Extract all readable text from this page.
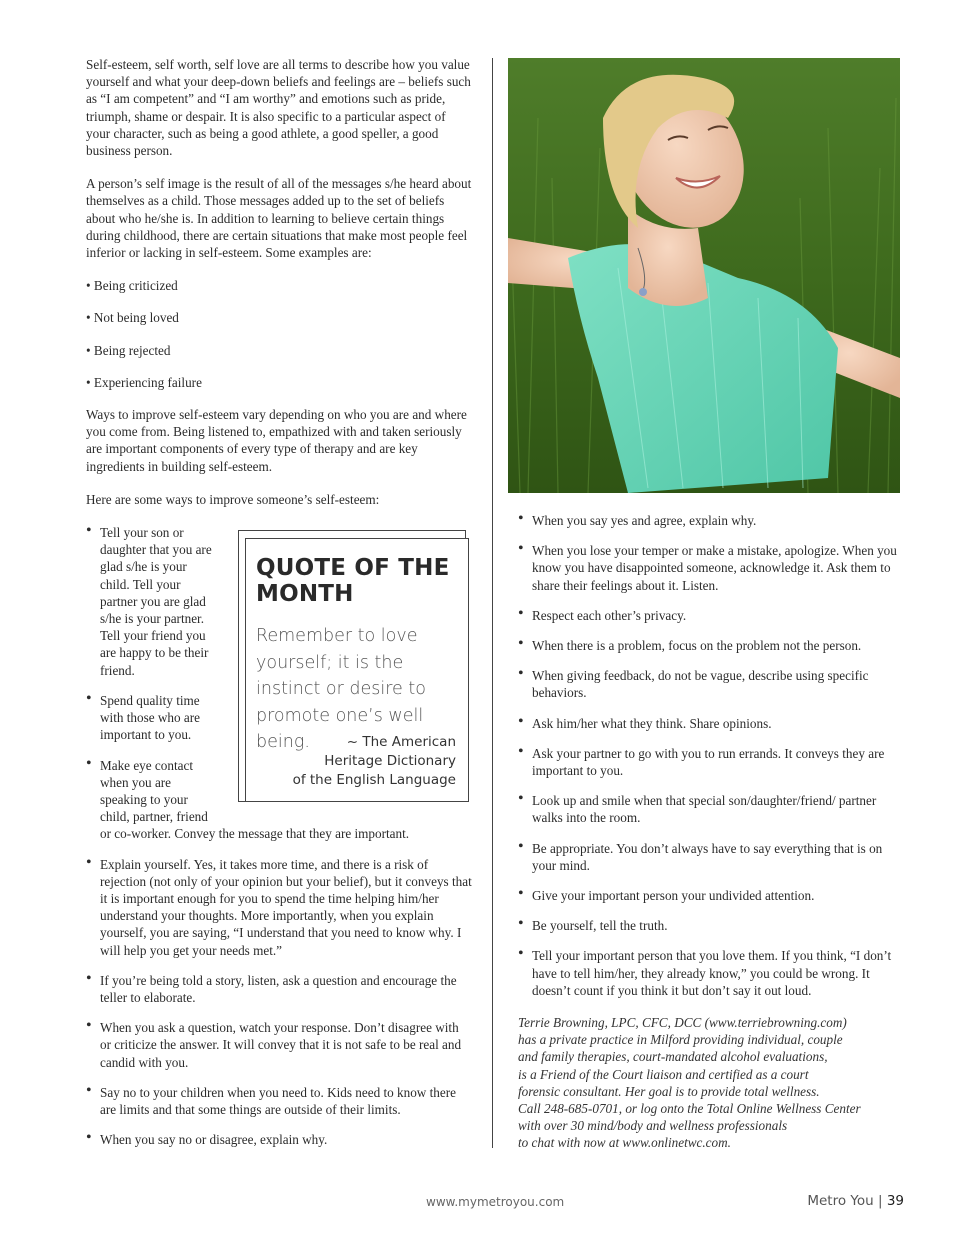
Self-esteem, self worth, self love are all terms to describe how you value yourself and what your deep-down beliefs and feelings are – beliefs such as “I am competent” and “I am worthy” and emotions such as pride, triumph, shame or despair. It is also specific to a particular aspect of your character, such as being a good athlete, a good speller, a good business person.

A person’s self image is the result of all of the messages s/he heard about themselves as a child. Those messages added up to the set of beliefs about who he/she is. In addition to learning to believe certain things during childhood, there are certain situations that make most people feel inferior or lacking in self-esteem. Some examples are:

• Being criticized
• Not being loved
• Being rejected
• Experiencing failure

Ways to improve self-esteem vary depending on who you are and where you come from. Being listened to, empathized with and taken seriously are important components of every type of therapy and are key ingredients in building self-esteem.

Here are some ways to improve someone’s self-esteem:

• Tell your son or daughter that you are glad s/he is your child. Tell your partner you are glad s/he is your partner. Tell your friend you are happy to be their friend.
• Spend quality time with those who are important to you.
• Make eye contact when you are speaking to your child, partner, friend or co-worker. Convey the message that they are important.
• Explain yourself. Yes, it takes more time, and there is a risk of rejection (not only of your opinion but your belief), but it conveys that it is important enough for you to spend the time helping him/her understand your thoughts. More importantly, when you explain yourself, you are saying, “I understand that you need to know why. I will help you get your needs met.”
• If you’re being told a story, listen, ask a question and encourage the teller to elaborate.
• When you ask a question, watch your response. Don’t disagree with or criticize the answer. It will convey that it is not safe to be real and candid with you.
• Say no to your children when you need to. Kids need to know there are limits and that some things are outside of their limits.
• When you say no or disagree, explain why.
QUOTE OF THE MONTH
Remember to love yourself; it is the instinct or desire to promote one’s well being.	~ The American
Heritage Dictionary
of the English Language
• When you say yes and agree, explain why.
• When you lose your temper or make a mistake, apologize. When you know you have disappointed someone, acknowledge it. Ask them to share their feelings about it. Listen.
• Respect each other’s privacy.
• When there is a problem, focus on the problem not the person.
• When giving feedback, do not be vague, describe using specific behaviors.
• Ask him/her what they think. Share opinions.
• Ask your partner to go with you to run errands. It conveys they are important to you.
• Look up and smile when that special son/daughter/friend/ partner walks into the room.
• Be appropriate. You don’t always have to say everything that is on your mind.
• Give your important person your undivided attention.
• Be yourself, tell the truth.
• Tell your important person that you love them. If you think, “I don’t have to tell him/her, they already know,” you could be wrong. It doesn’t count if you think it but don’t say it out loud.
Terrie Browning, LPC, CFC, DCC (www.terriebrowning.com)
has a private practice in Milford providing individual, couple
and family therapies, court-mandated alcohol evaluations,
is a Friend of the Court liaison and certified as a court
forensic consultant. Her goal is to provide total wellness.
Call 248-685-0701, or log onto the Total Online Wellness Center
with over 30 mind/body and wellness professionals
to chat with now at www.onlinetwc.com.
www.mymetroyou.com	Metro You | 39
